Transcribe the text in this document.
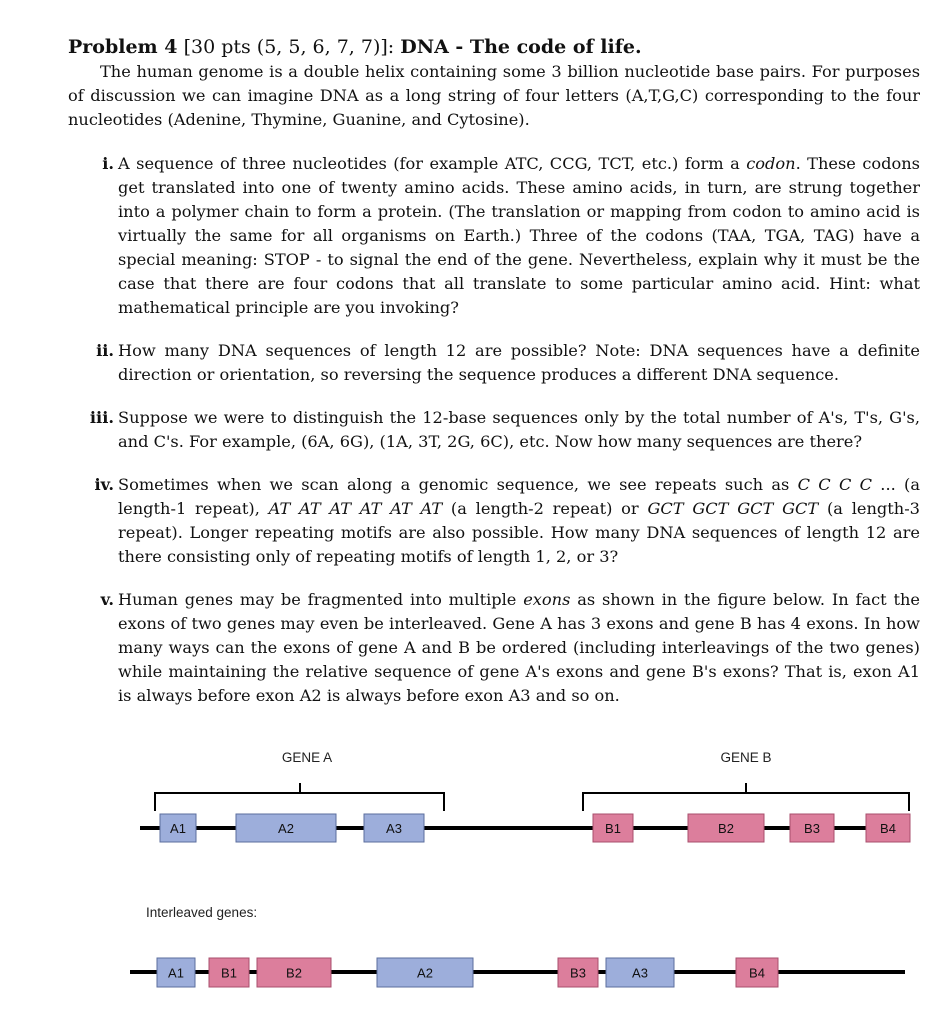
Problem 4 [30 pts (5, 5, 6, 7, 7)]: DNA - The code of life.

The human genome is a double helix containing some 3 billion nucleotide base pairs. For purposes of discussion we can imagine DNA as a long string of four letters (A,T,G,C) corresponding to the four nucleotides (Adenine, Thymine, Guanine, and Cytosine).

i. A sequence of three nucleotides (for example ATC, CCG, TCT, etc.) form a codon. These codons get translated into one of twenty amino acids. These amino acids, in turn, are strung together into a polymer chain to form a protein. (The translation or mapping from codon to amino acid is virtually the same for all organisms on Earth.) Three of the codons (TAA, TGA, TAG) have a special meaning: STOP - to signal the end of the gene. Nevertheless, explain why it must be the case that there are four codons that all translate to some particular amino acid. Hint: what mathematical principle are you invoking?
ii. How many DNA sequences of length 12 are possible? Note: DNA sequences have a definite direction or orientation, so reversing the sequence produces a different DNA sequence.
iii. Suppose we were to distinguish the 12-base sequences only by the total number of A's, T's, G's, and C's. For example, (6A, 6G), (1A, 3T, 2G, 6C), etc. Now how many sequences are there?
iv. Sometimes when we scan along a genomic sequence, we see repeats such as C C C C ... (a length-1 repeat), AT AT AT AT AT AT (a length-2 repeat) or GCT GCT GCT GCT (a length-3 repeat). Longer repeating motifs are also possible. How many DNA sequences of length 12 are there consisting only of repeating motifs of length 1, 2, or 3?
v. Human genes may be fragmented into multiple exons as shown in the figure below. In fact the exons of two genes may even be interleaved. Gene A has 3 exons and gene B has 4 exons. In how many ways can the exons of gene A and B be ordered (including interleavings of the two genes) while maintaining the relative sequence of gene A's exons and gene B's exons? That is, exon A1 is always before exon A2 is always before exon A3 and so on.
GENE A	GENE B
A1	A2	A3	B1	B2	B3	B4
Interleaved genes:
A1	B1	B2	A2	B3	A3	B4
